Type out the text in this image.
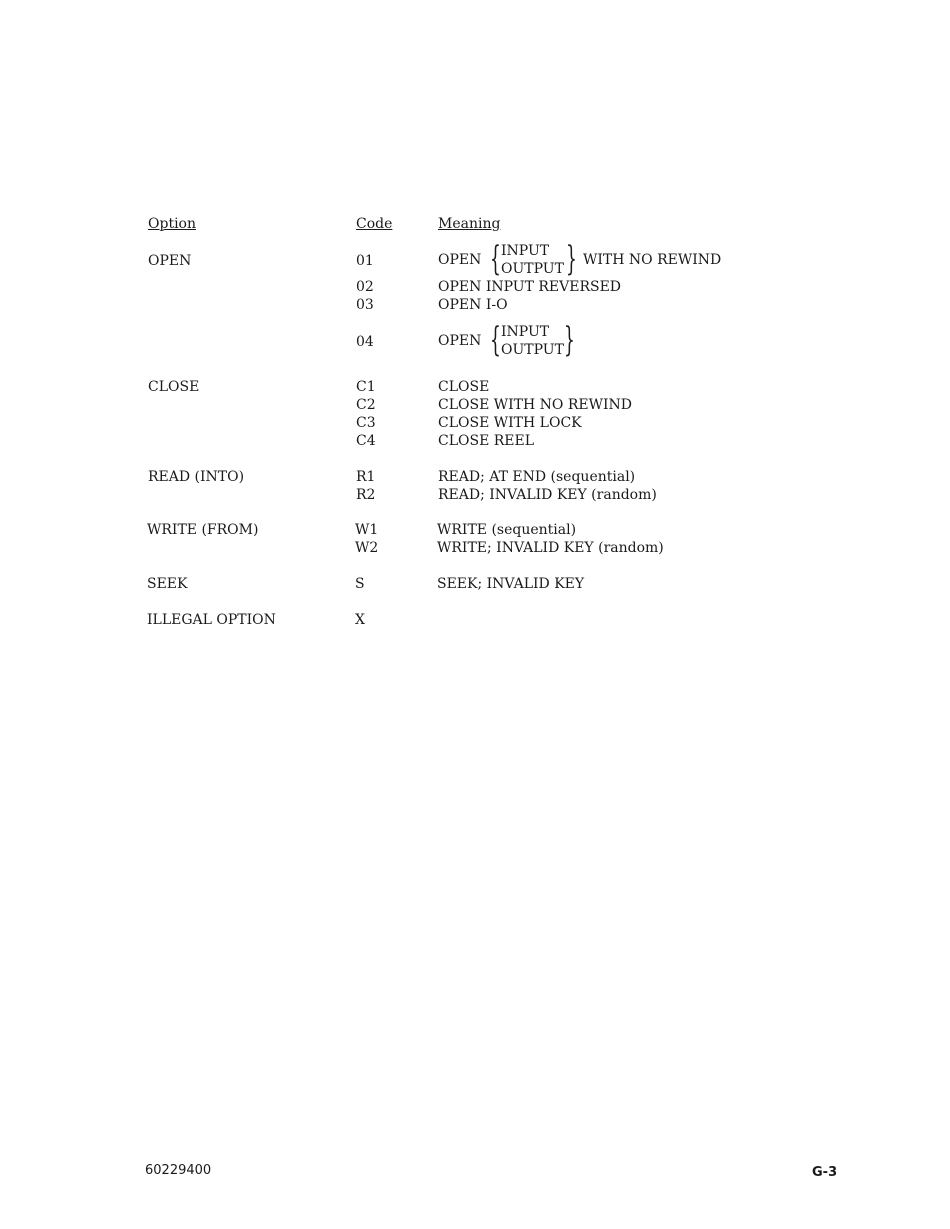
Option	Code	Meaning
OPEN	01	OPEN { INPUT
OUTPUT } WITH NO REWIND
02	OPEN INPUT REVERSED
03	OPEN I-O
04	OPEN { INPUT
OUTPUT }
CLOSE	C1	CLOSE
C2	CLOSE WITH NO REWIND
C3	CLOSE WITH LOCK
C4	CLOSE REEL
READ (INTO)	R1	READ; AT END (sequential)
R2	READ; INVALID KEY (random)
WRITE (FROM)	W1	WRITE (sequential)
W2	WRITE; INVALID KEY (random)
SEEK	S	SEEK; INVALID KEY
ILLEGAL OPTION	X
60229400	G-3
